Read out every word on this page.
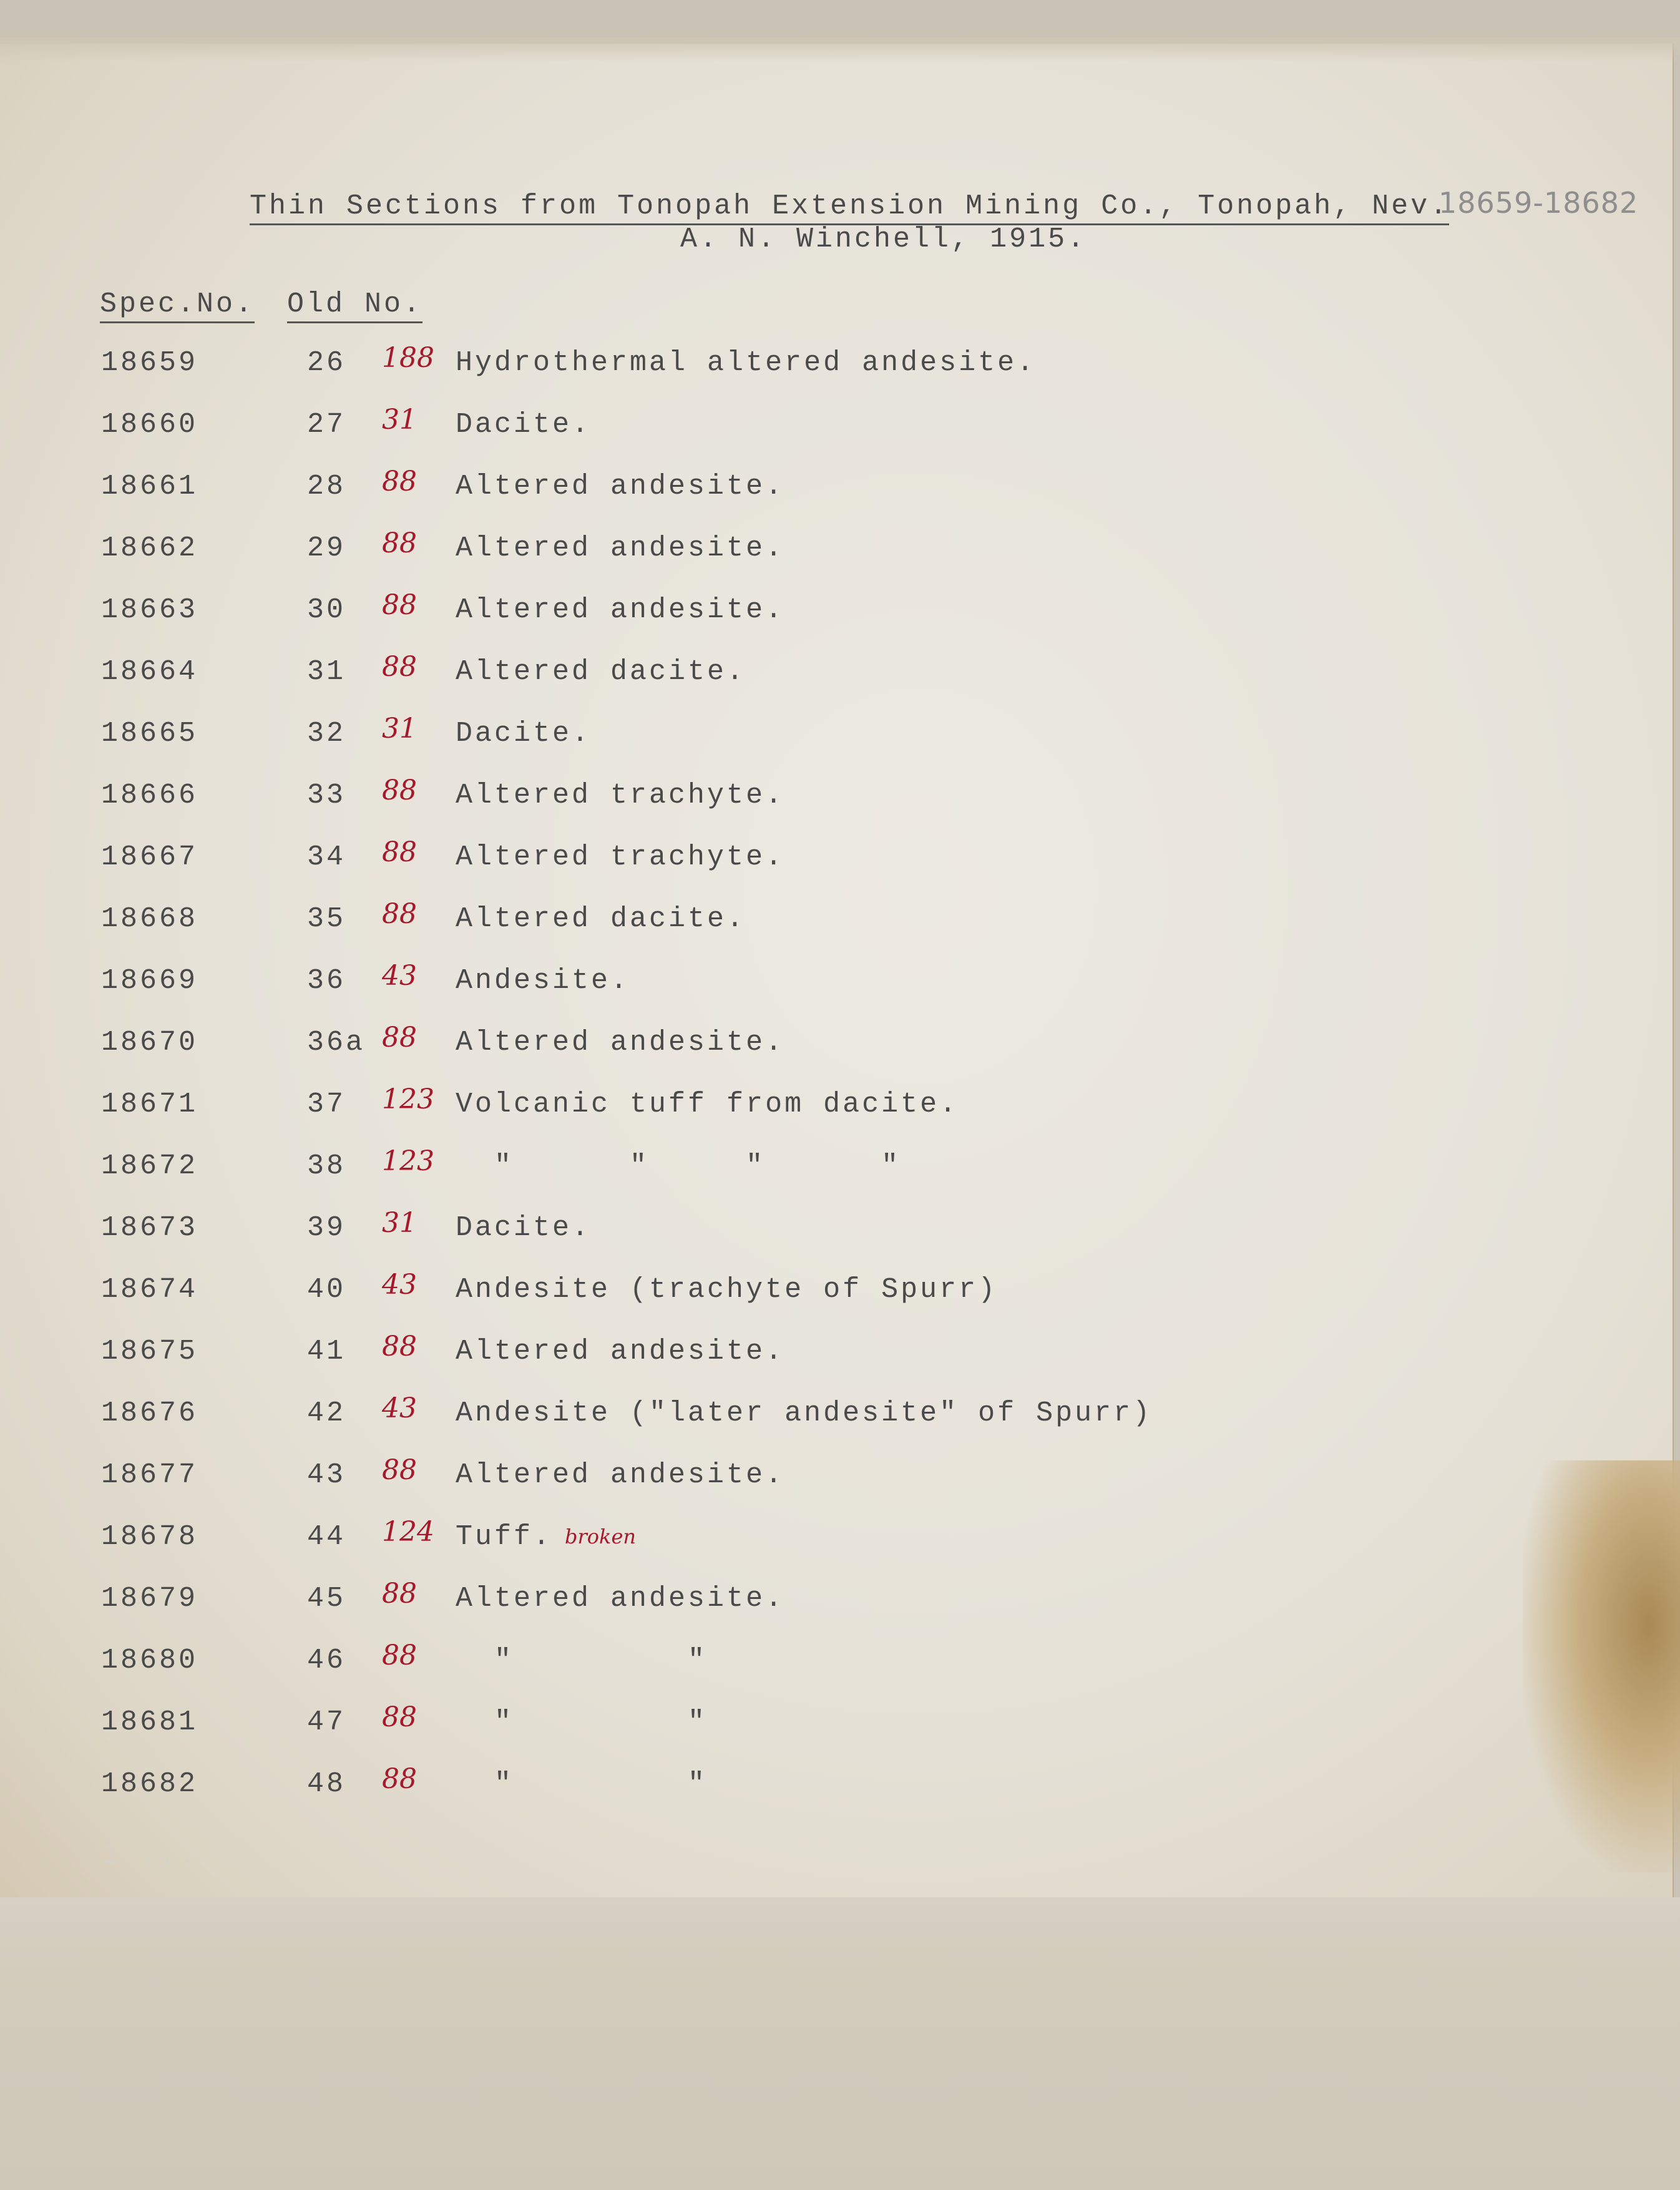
Thin Sections from Tonopah Extension Mining Co., Tonopah, Nev.
A. N. Winchell, 1915.
18659-18682
Spec.No. Old No.
18659	26 188 Hydrothermal altered andesite.
18660	27 31 Dacite.
18661	28 88 Altered andesite.
18662	29 88 Altered andesite.
18663	30 88 Altered andesite.
18664	31 88 Altered dacite.
18665	32 31 Dacite.
18666	33 88 Altered trachyte.
18667	34 88 Altered trachyte.
18668	35 88 Altered dacite.
18669	36 43 Andesite.
18670	36a 88 Altered andesite.
18671	37 123 Volcanic tuff from dacite.
18672	38 123 "      "     "      "
18673	39 31 Dacite.
18674	40 43 Andesite (trachyte of Spurr)
18675	41 88 Altered andesite.
18676	42 43 Andesite ("later andesite" of Spurr)
18677	43 88 Altered andesite.
18678	44 124 Tuff.
18679	45 88 Altered andesite.
18680	46 88 "         "
18681	47 88 "         "
18682	48 88 "         "
broken
1 ...
